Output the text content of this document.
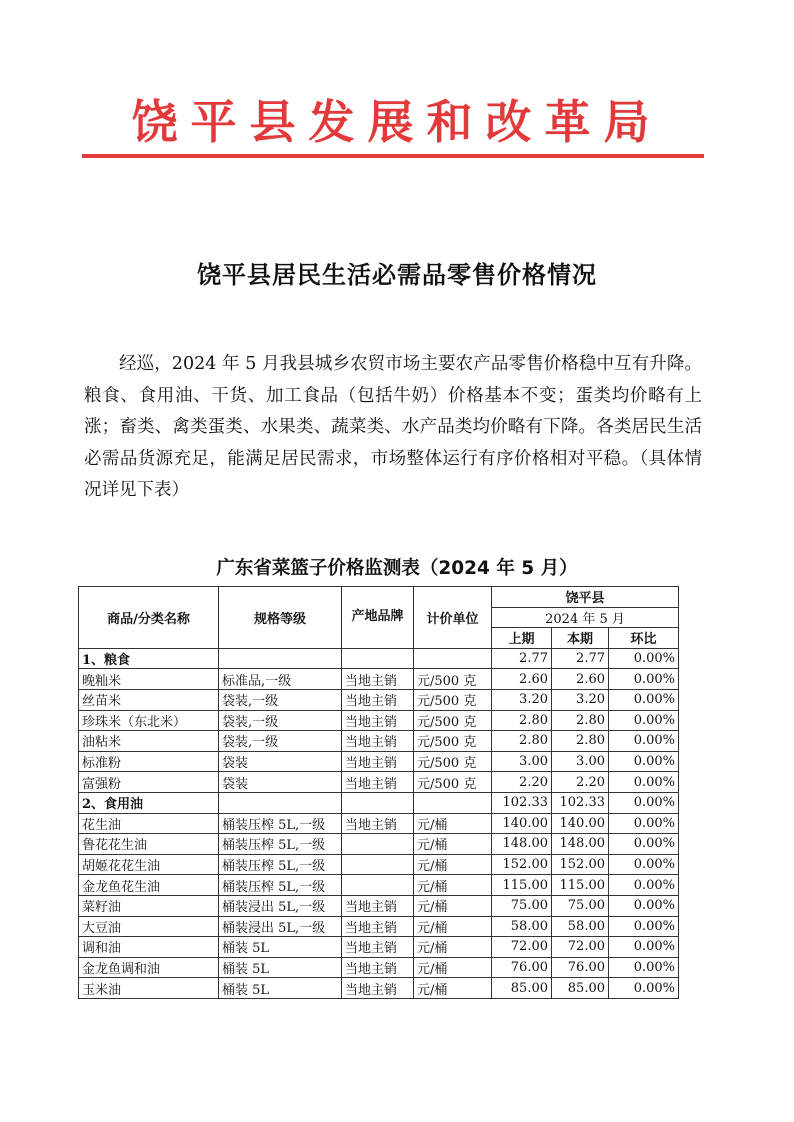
饶平县发展和改革局
饶平县居民生活必需品零售价格情况
经巡，2024 年 5 月我县城乡农贸市场主要农产品零售价格稳中互有升降。粮食、食用油、干货、加工食品（包括牛奶）价格基本不变；蛋类均价略有上涨；畜类、禽类蛋类、水果类、蔬菜类、水产品类均价略有下降。各类居民生活必需品货源充足，能满足居民需求，市场整体运行有序价格相对平稳。（具体情况详见下表）
广东省菜篮子价格监测表（2024 年 5 月）
商品/分类名称	规格等级	产地品牌	计价单位	饶平县		
				2024 年 5 月		
				上期	本期	环比
1、粮食				2.77	2.77	0.00%
晚籼米	标准品,一级	当地主销	元/500 克	2.60	2.60	0.00%
丝苗米	袋装,一级	当地主销	元/500 克	3.20	3.20	0.00%
珍珠米（东北米）	袋装,一级	当地主销	元/500 克	2.80	2.80	0.00%
油粘米	袋装,一级	当地主销	元/500 克	2.80	2.80	0.00%
标准粉	袋装	当地主销	元/500 克	3.00	3.00	0.00%
富强粉	袋装	当地主销	元/500 克	2.20	2.20	0.00%
2、食用油				102.33	102.33	0.00%
花生油	桶装压榨 5L,一级	当地主销	元/桶	140.00	140.00	0.00%
鲁花花生油	桶装压榨 5L,一级		元/桶	148.00	148.00	0.00%
胡姬花花生油	桶装压榨 5L,一级		元/桶	152.00	152.00	0.00%
金龙鱼花生油	桶装压榨 5L,一级		元/桶	115.00	115.00	0.00%
菜籽油	桶装浸出 5L,一级	当地主销	元/桶	75.00	75.00	0.00%
大豆油	桶装浸出 5L,一级	当地主销	元/桶	58.00	58.00	0.00%
调和油	桶装 5L	当地主销	元/桶	72.00	72.00	0.00%
金龙鱼调和油	桶装 5L	当地主销	元/桶	76.00	76.00	0.00%
玉米油	桶装 5L	当地主销	元/桶	85.00	85.00	0.00%
